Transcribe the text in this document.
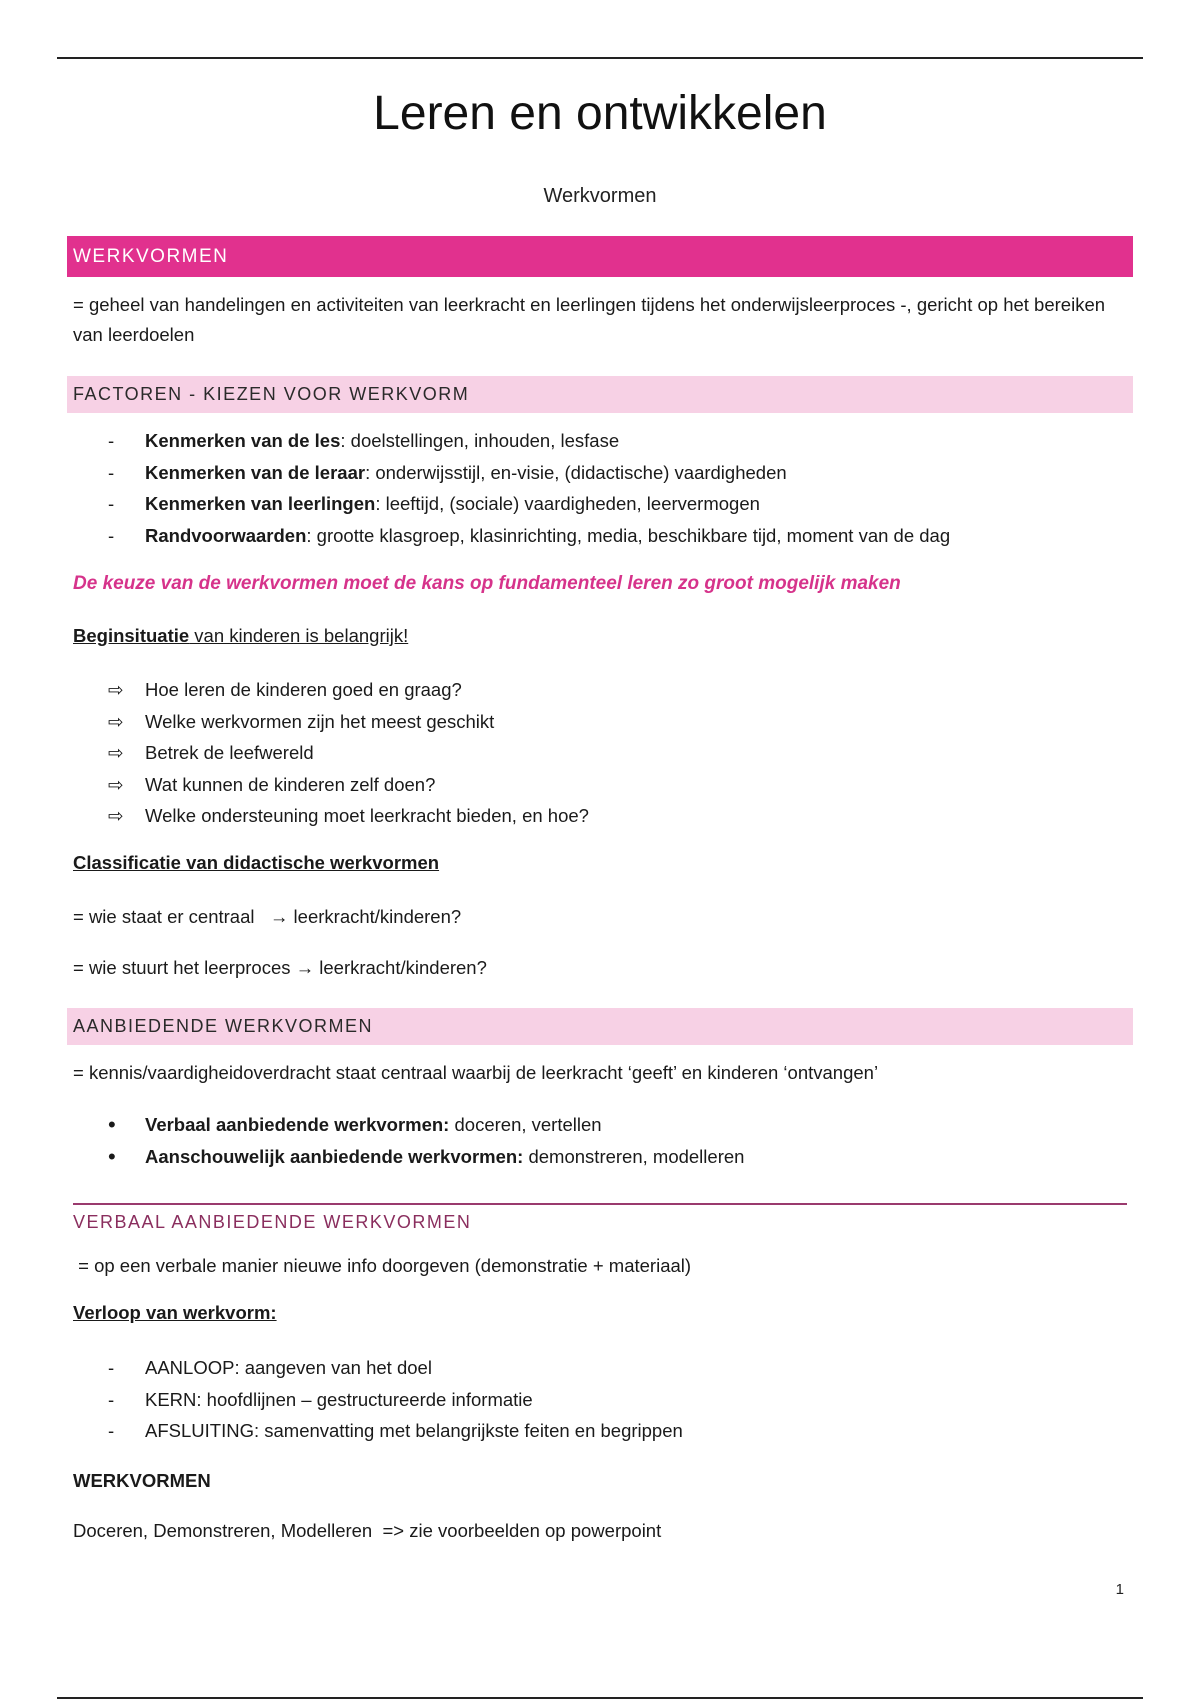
Leren en ontwikkelen
Werkvormen
WERKVORMEN
= geheel van handelingen en activiteiten van leerkracht en leerlingen tijdens het onderwijsleerproces -, gericht op het bereiken van leerdoelen
FACTOREN - KIEZEN VOOR WERKVORM
-	Kenmerken van de les: doelstellingen, inhouden, lesfase
-	Kenmerken van de leraar: onderwijsstijl, en-visie, (didactische) vaardigheden
-	Kenmerken van leerlingen: leeftijd, (sociale) vaardigheden, leervermogen
-	Randvoorwaarden: grootte klasgroep, klasinrichting, media, beschikbare tijd, moment van de dag
De keuze van de werkvormen moet de kans op fundamenteel leren zo groot mogelijk maken
Beginsituatie van kinderen is belangrijk!
⇨	Hoe leren de kinderen goed en graag?
⇨	Welke werkvormen zijn het meest geschikt
⇨	Betrek de leefwereld
⇨	Wat kunnen de kinderen zelf doen?
⇨	Welke ondersteuning moet leerkracht bieden, en hoe?
Classificatie van didactische werkvormen
= wie staat er centraal   → leerkracht/kinderen?
= wie stuurt het leerproces → leerkracht/kinderen?
AANBIEDENDE WERKVORMEN
= kennis/vaardigheidoverdracht staat centraal waarbij de leerkracht ‘geeft’ en kinderen ‘ontvangen’
•	Verbaal aanbiedende werkvormen: doceren, vertellen
•	Aanschouwelijk aanbiedende werkvormen: demonstreren, modelleren
VERBAAL AANBIEDENDE WERKVORMEN
= op een verbale manier nieuwe info doorgeven (demonstratie + materiaal)
Verloop van werkvorm:
-	AANLOOP: aangeven van het doel
-	KERN: hoofdlijnen – gestructureerde informatie
-	AFSLUITING: samenvatting met belangrijkste feiten en begrippen
WERKVORMEN
Doceren, Demonstreren, Modelleren  => zie voorbeelden op powerpoint
1
